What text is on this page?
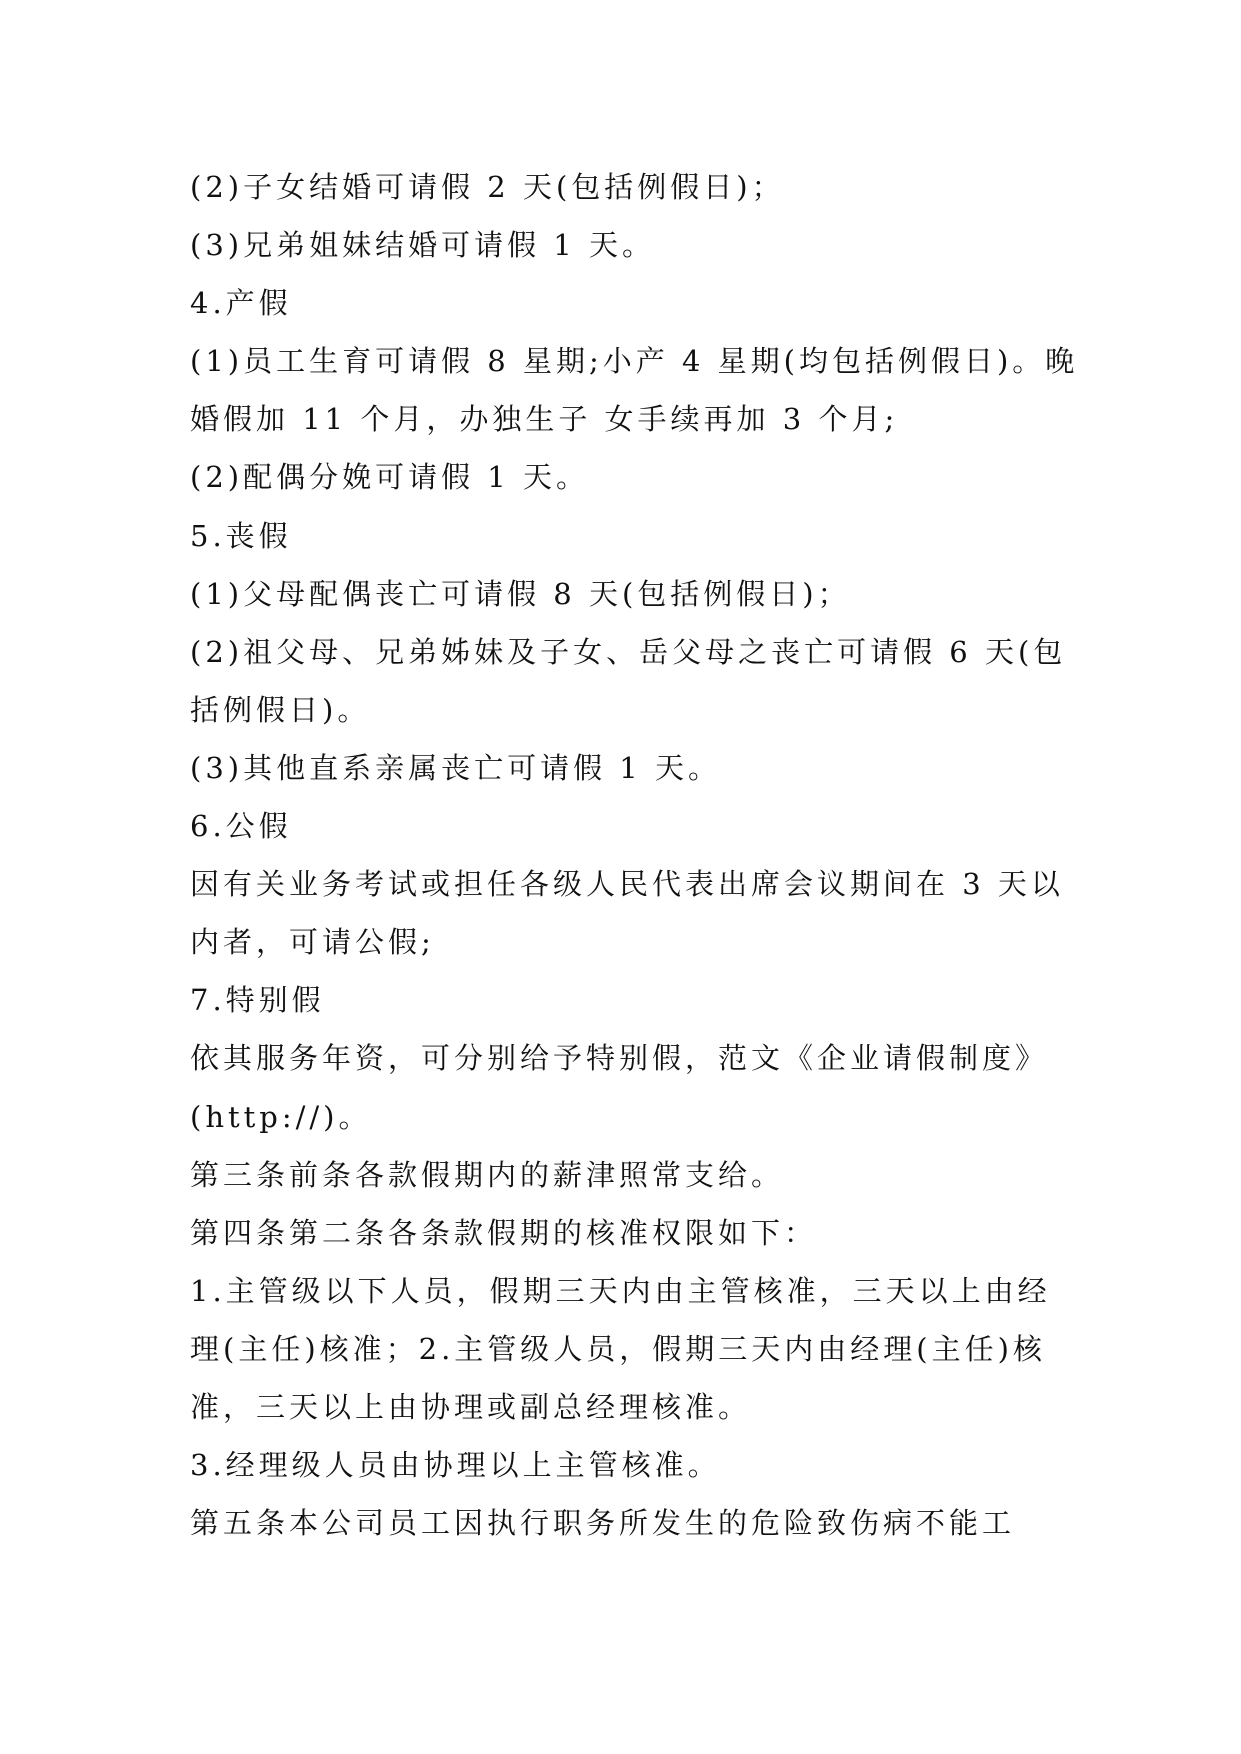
(2)子女结婚可请假 2 天(包括例假日)；
(3)兄弟姐妹结婚可请假 1 天。
4.产假
(1)员工生育可请假 8 星期;小产 4 星期(均包括例假日)。晚
婚假加 11 个月，办独生子 女手续再加 3 个月;
(2)配偶分娩可请假 1 天。
5.丧假
(1)父母配偶丧亡可请假 8 天(包括例假日)；
(2)祖父母、兄弟姊妹及子女、岳父母之丧亡可请假 6 天(包
括例假日)。
(3)其他直系亲属丧亡可请假 1 天。
6.公假
因有关业务考试或担任各级人民代表出席会议期间在 3 天以
内者，可请公假;
7.特别假
依其服务年资，可分别给予特别假，范文《企业请假制度》
(http://)。
第三条前条各款假期内的薪津照常支给。
第四条第二条各条款假期的核准权限如下：
1.主管级以下人员，假期三天内由主管核准，三天以上由经
理(主任)核准；2.主管级人员，假期三天内由经理(主任)核
准，三天以上由协理或副总经理核准。
3.经理级人员由协理以上主管核准。
第五条本公司员工因执行职务所发生的危险致伤病不能工
